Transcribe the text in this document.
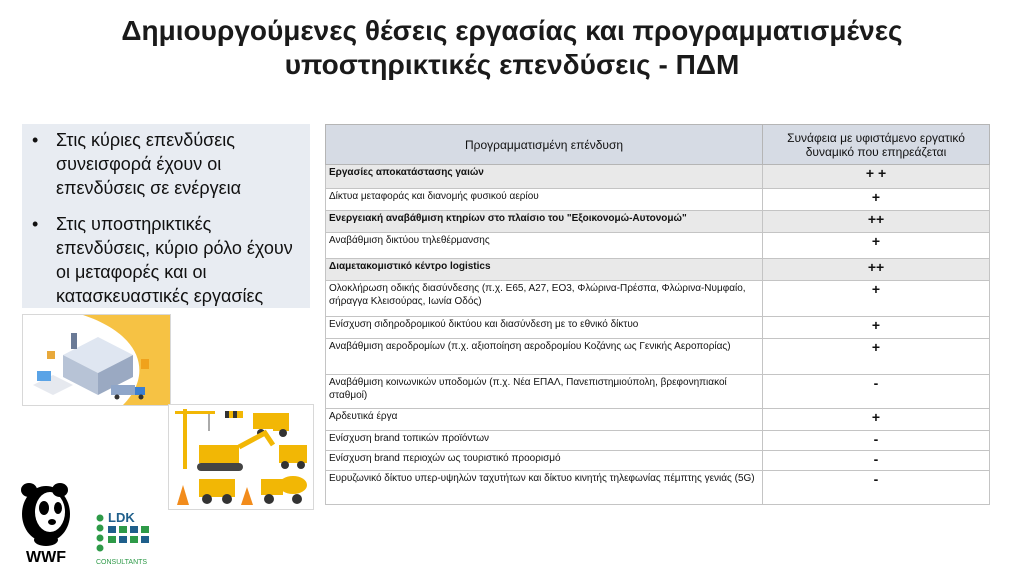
Δημιουργούμενες θέσεις εργασίας και προγραμματισμένες
υποστηρικτικές επενδύσεις - ΠΔΜ
• Στις κύριες επενδύσεις συνεισφορά έχουν οι επενδύσεις σε ενέργεια
• Στις υποστηρικτικές επενδύσεις, κύριο ρόλο έχουν οι μεταφορές και οι κατασκευαστικές εργασίες
WWF
LDK
CONSULTANTS
Προγραμματισμένη επένδυση	Συνάφεια με υφιστάμενο εργατικό δυναμικό που επηρεάζεται
Εργασίες αποκατάστασης γαιών	+ +
Δίκτυα μεταφοράς και διανομής φυσικού αερίου	+
Ενεργειακή αναβάθμιση κτηρίων στο πλαίσιο του "Εξοικονομώ-Αυτονομώ"	++
Αναβάθμιση δικτύου τηλεθέρμανσης	+
Διαμετακομιστικό κέντρο logistics	++
Ολοκλήρωση οδικής διασύνδεσης (π.χ. Ε65, Α27, ΕΟ3, Φλώρινα-Πρέσπα, Φλώρινα-Νυμφαίο, σήραγγα Κλεισούρας, Ιωνία Οδός)	+
Ενίσχυση σιδηροδρομικού δικτύου και διασύνδεση με το εθνικό δίκτυο	+
Αναβάθμιση αεροδρομίων (π.χ. αξιοποίηση αεροδρομίου Κοζάνης ως Γενικής Αεροπορίας)	+
Αναβάθμιση κοινωνικών υποδομών (π.χ. Νέα ΕΠΑΛ, Πανεπιστημιούπολη, βρεφονηπιακοί σταθμοί)	-
Αρδευτικά έργα	+
Ενίσχυση brand τοπικών προϊόντων	-
Ενίσχυση brand περιοχών ως τουριστικό προορισμό	-
Ευρυζωνικό δίκτυο υπερ-υψηλών ταχυτήτων και δίκτυο κινητής τηλεφωνίας πέμπτης γενιάς (5G)	-
